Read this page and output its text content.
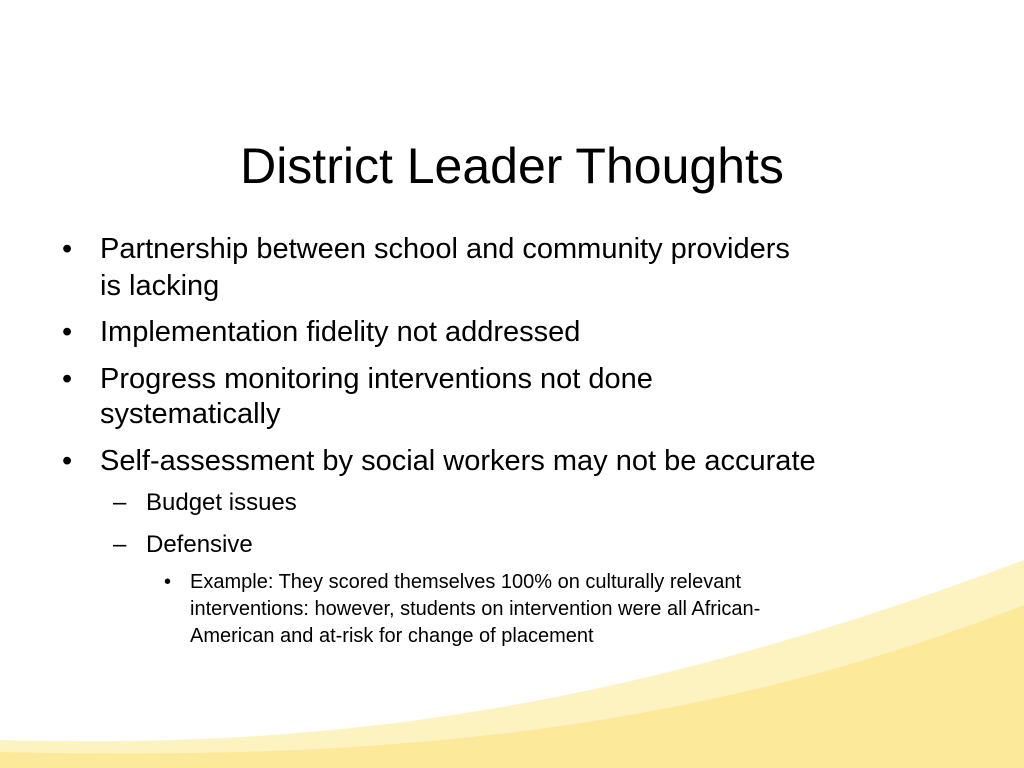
District Leader Thoughts
• Partnership between school and community providers
is lacking
• Implementation fidelity not addressed
• Progress monitoring interventions not done
systematically
• Self-assessment by social workers may not be accurate
– Budget issues
– Defensive
• Example: They scored themselves 100% on culturally relevant
interventions: however, students on intervention were all African-
American and at-risk for change of placement
